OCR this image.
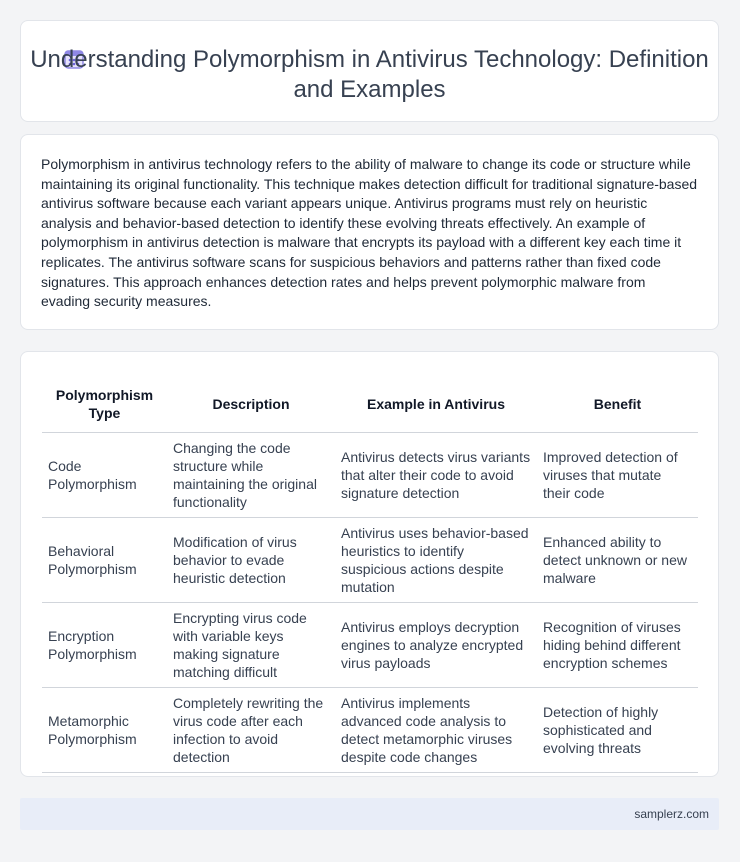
Understanding Polymorphism in Antivirus Technology: Definition and Examples

Polymorphism in antivirus technology refers to the ability of malware to change its code or structure while maintaining its original functionality. This technique makes detection difficult for traditional signature-based antivirus software because each variant appears unique. Antivirus programs must rely on heuristic analysis and behavior-based detection to identify these evolving threats effectively. An example of polymorphism in antivirus detection is malware that encrypts its payload with a different key each time it replicates. The antivirus software scans for suspicious behaviors and patterns rather than fixed code signatures. This approach enhances detection rates and helps prevent polymorphic malware from evading security measures.

Polymorphism Type	Description	Example in Antivirus	Benefit
Code Polymorphism	Changing the code structure while maintaining the original functionality	Antivirus detects virus variants that alter their code to avoid signature detection	Improved detection of viruses that mutate their code
Behavioral Polymorphism	Modification of virus behavior to evade heuristic detection	Antivirus uses behavior-based heuristics to identify suspicious actions despite mutation	Enhanced ability to detect unknown or new malware
Encryption Polymorphism	Encrypting virus code with variable keys making signature matching difficult	Antivirus employs decryption engines to analyze encrypted virus payloads	Recognition of viruses hiding behind different encryption schemes
Metamorphic Polymorphism	Completely rewriting the virus code after each infection to avoid detection	Antivirus implements advanced code analysis to detect metamorphic viruses despite code changes	Detection of highly sophisticated and evolving threats
samplerz.com
